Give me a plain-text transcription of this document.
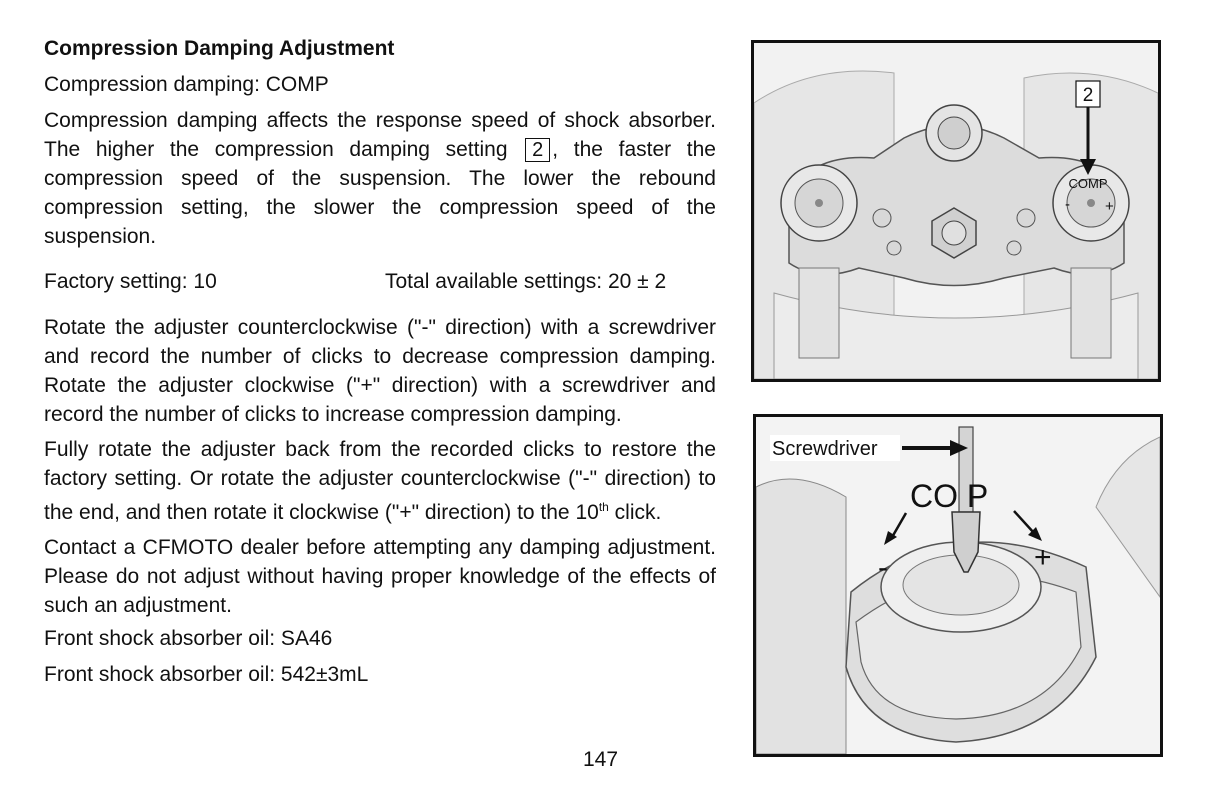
Compression Damping Adjustment
Compression damping: COMP

Compression damping affects the response speed of shock absorber. The higher the compression damping setting 2 , the faster the compression speed of the suspension. The lower the rebound compression setting, the slower the compression speed of the suspension.

Factory setting: 10	Total available settings: 20 ± 2

Rotate the adjuster counterclockwise ("-" direction) with a screwdriver and record the number of clicks to decrease compression damping. Rotate the adjuster clockwise ("+" direction) with a screwdriver and record the number of clicks to increase compression damping.

Fully rotate the adjuster back from the recorded clicks to restore the factory setting. Or rotate the adjuster counterclockwise ("-" direction) to the end, and then rotate it clockwise ("+" direction) to the 10th click.

Contact a CFMOTO dealer before attempting any damping adjustment. Please do not adjust without having proper knowledge of the effects of such an adjustment.

Front shock absorber oil: SA46
Front shock absorber oil: 542±3mL
147
2
COMP
- +
Screwdriver
CO P
-	+
